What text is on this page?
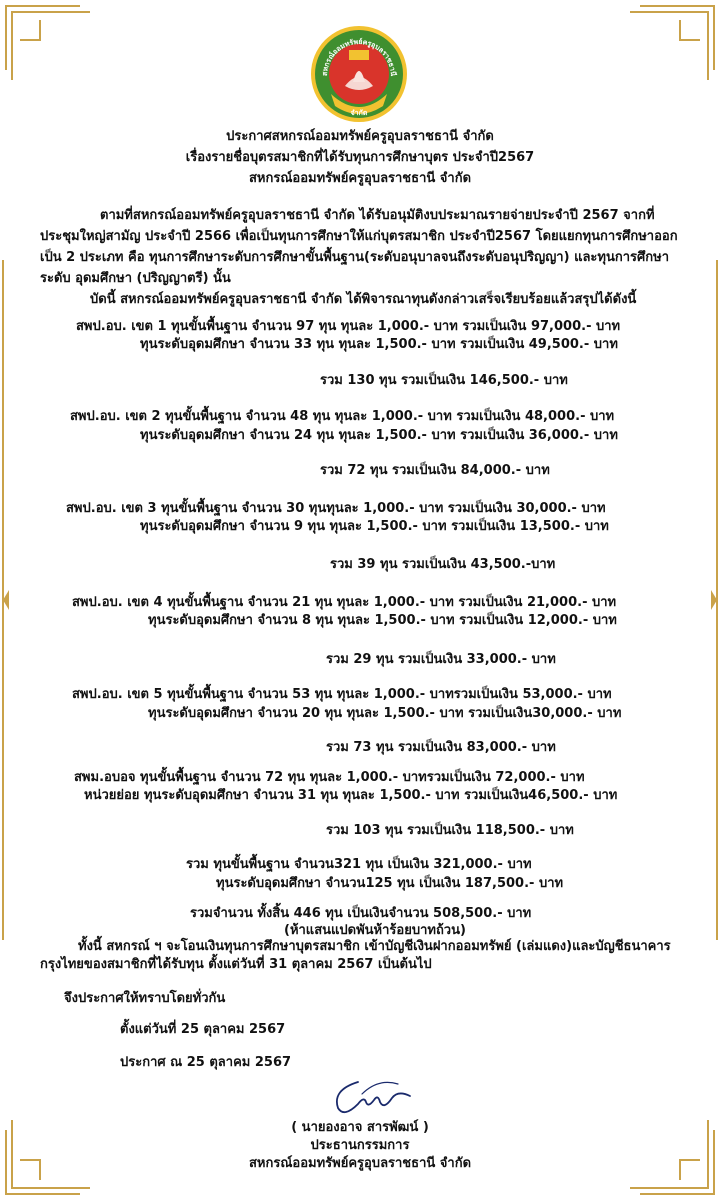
สหกรณ์ออมทรัพย์ครูอุบลราชธานี
จำกัด
ประกาศสหกรณ์ออมทรัพย์ครูอุบลราชธานี จำกัด
เรื่องรายชื่อบุตรสมาชิกที่ได้รับทุนการศึกษาบุตร ประจำปี2567
สหกรณ์ออมทรัพย์ครูอุบลราชธานี จำกัด
ตามที่สหกรณ์ออมทรัพย์ครูอุบลราชธานี จำกัด ได้รับอนุมัติงบประมาณรายจ่ายประจำปี 2567 จากที่
ประชุมใหญ่สามัญ ประจำปี 2566 เพื่อเป็นทุนการศึกษาให้แก่บุตรสมาชิก ประจำปี2567 โดยแยกทุนการศึกษาออก
เป็น 2 ประเภท คือ ทุนการศึกษาระดับการศึกษาขั้นพื้นฐาน(ระดับอนุบาลจนถึงระดับอนุปริญญา) และทุนการศึกษา
ระดับ อุดมศึกษา (ปริญญาตรี) นั้น
บัดนี้ สหกรณ์ออมทรัพย์ครูอุบลราชธานี จำกัด ได้พิจารณาทุนดังกล่าวเสร็จเรียบร้อยแล้วสรุปได้ดังนี้
สพป.อบ. เขต 1 ทุนขั้นพื้นฐาน จำนวน 97 ทุน ทุนละ 1,000.- บาท รวมเป็นเงิน 97,000.- บาท
ทุนระดับอุดมศึกษา จำนวน 33 ทุน ทุนละ 1,500.- บาท รวมเป็นเงิน 49,500.- บาท
รวม 130 ทุน รวมเป็นเงิน 146,500.- บาท
สพป.อบ. เขต 2 ทุนขั้นพื้นฐาน จำนวน 48 ทุน ทุนละ 1,000.- บาท รวมเป็นเงิน 48,000.- บาท
ทุนระดับอุดมศึกษา จำนวน 24 ทุน ทุนละ 1,500.- บาท รวมเป็นเงิน 36,000.- บาท
รวม 72 ทุน รวมเป็นเงิน 84,000.- บาท
สพป.อบ. เขต 3 ทุนขั้นพื้นฐาน จำนวน 30 ทุนทุนละ 1,000.- บาท รวมเป็นเงิน 30,000.- บาท
ทุนระดับอุดมศึกษา จำนวน 9 ทุน ทุนละ 1,500.- บาท รวมเป็นเงิน 13,500.- บาท
รวม 39 ทุน รวมเป็นเงิน 43,500.-บาท
สพป.อบ. เขต 4 ทุนขั้นพื้นฐาน จำนวน 21 ทุน ทุนละ 1,000.- บาท รวมเป็นเงิน 21,000.- บาท
ทุนระดับอุดมศึกษา จำนวน 8 ทุน ทุนละ 1,500.- บาท รวมเป็นเงิน 12,000.- บาท
รวม 29 ทุน รวมเป็นเงิน 33,000.- บาท
สพป.อบ. เขต 5 ทุนขั้นพื้นฐาน จำนวน 53 ทุน ทุนละ 1,000.- บาทรวมเป็นเงิน 53,000.- บาท
ทุนระดับอุดมศึกษา จำนวน 20 ทุน ทุนละ 1,500.- บาท รวมเป็นเงิน30,000.- บาท
รวม 73 ทุน รวมเป็นเงิน 83,000.- บาท
สพม.อบอจ ทุนขั้นพื้นฐาน จำนวน 72 ทุน ทุนละ 1,000.- บาทรวมเป็นเงิน 72,000.- บาท
หน่วยย่อย ทุนระดับอุดมศึกษา จำนวน 31 ทุน ทุนละ 1,500.- บาท รวมเป็นเงิน46,500.- บาท
รวม 103 ทุน รวมเป็นเงิน 118,500.- บาท
รวม ทุนขั้นพื้นฐาน จำนวน321 ทุน เป็นเงิน 321,000.- บาท
ทุนระดับอุดมศึกษา จำนวน125 ทุน เป็นเงิน 187,500.- บาท
รวมจำนวน ทั้งสิ้น 446 ทุน เป็นเงินจำนวน 508,500.- บาท
(ห้าแสนแปดพันห้าร้อยบาทถ้วน)
ทั้งนี้ สหกรณ์ ฯ จะโอนเงินทุนการศึกษาบุตรสมาชิก เข้าบัญชีเงินฝากออมทรัพย์ (เล่มแดง)และบัญชีธนาคาร
กรุงไทยของสมาชิกที่ได้รับทุน ตั้งแต่วันที่ 31 ตุลาคม 2567 เป็นต้นไป
จึงประกาศให้ทราบโดยทั่วกัน
ตั้งแต่วันที่ 25 ตุลาคม 2567
ประกาศ ณ 25 ตุลาคม 2567
( นายองอาจ สารพัฒน์ )
ประธานกรรมการ
สหกรณ์ออมทรัพย์ครูอุบลราชธานี จำกัด
